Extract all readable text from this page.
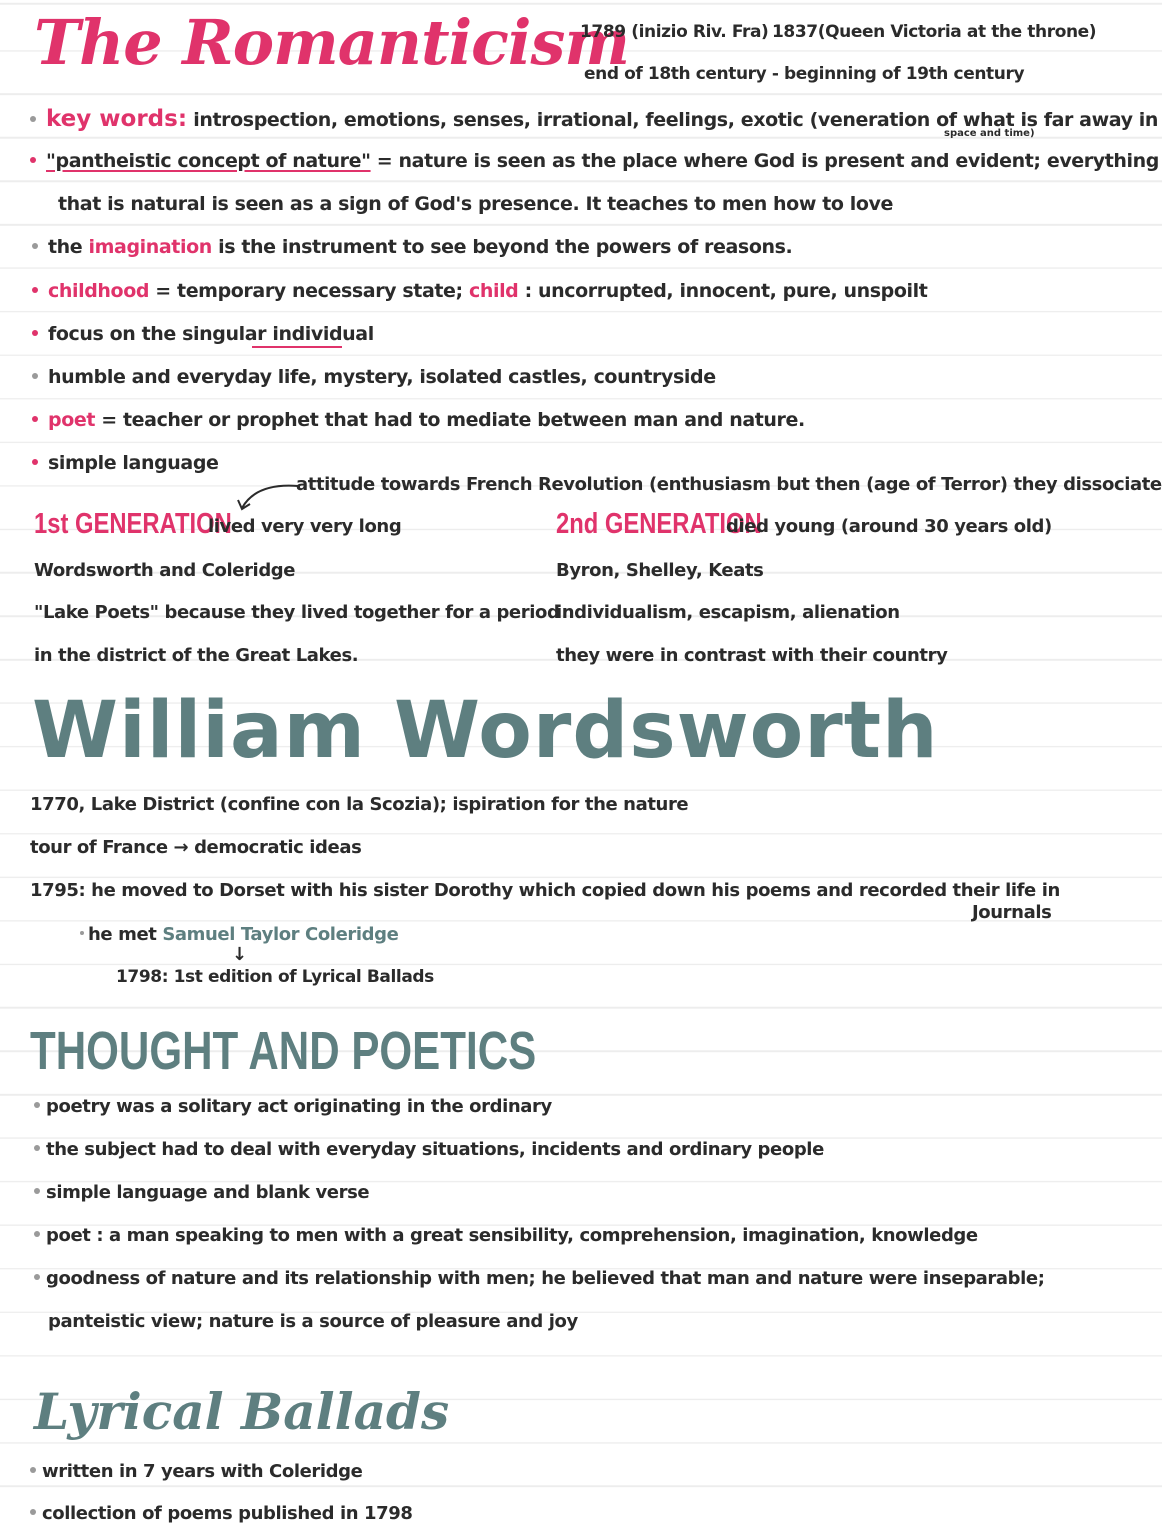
The Romanticism
1789 (inizio Riv. Fra) 1837(Queen Victoria at the throne)
end of 18th century - beginning of 19th century
key words: introspection, emotions, senses, irrational, feelings, exotic (veneration of what is far away in
space and time)
"pantheistic concept of nature" = nature is seen as the place where God is present and evident; everything
that is natural is seen as a sign of God's presence. It teaches to men how to love
the imagination is the instrument to see beyond the powers of reasons.
childhood = temporary necessary state; child : uncorrupted, innocent, pure, unspoilt
focus on the singular individual
humble and everyday life, mystery, isolated castles, countryside
poet = teacher or prophet that had to mediate between man and nature.
simple language
attitude towards French Revolution (enthusiasm but then (age of Terror) they dissociate
1st GENERATION
lived very very long
Wordsworth and Coleridge
"Lake Poets" because they lived together for a period
in the district of the Great Lakes.
2nd GENERATION
died young (around 30 years old)
Byron, Shelley, Keats
individualism, escapism, alienation
they were in contrast with their country
William Wordsworth
1770, Lake District (confine con la Scozia); ispiration for the nature
tour of France → democratic ideas
1795: he moved to Dorset with his sister Dorothy which copied down his poems and recorded their life in
Journals
he met Samuel Taylor Coleridge
↓
1798: 1st edition of Lyrical Ballads
THOUGHT AND POETICS
poetry was a solitary act originating in the ordinary
the subject had to deal with everyday situations, incidents and ordinary people
simple language and blank verse
poet : a man speaking to men with a great sensibility, comprehension, imagination, knowledge
goodness of nature and its relationship with men; he believed that man and nature were inseparable;
panteistic view; nature is a source of pleasure and joy
Lyrical Ballads
written in 7 years with Coleridge
collection of poems published in 1798
